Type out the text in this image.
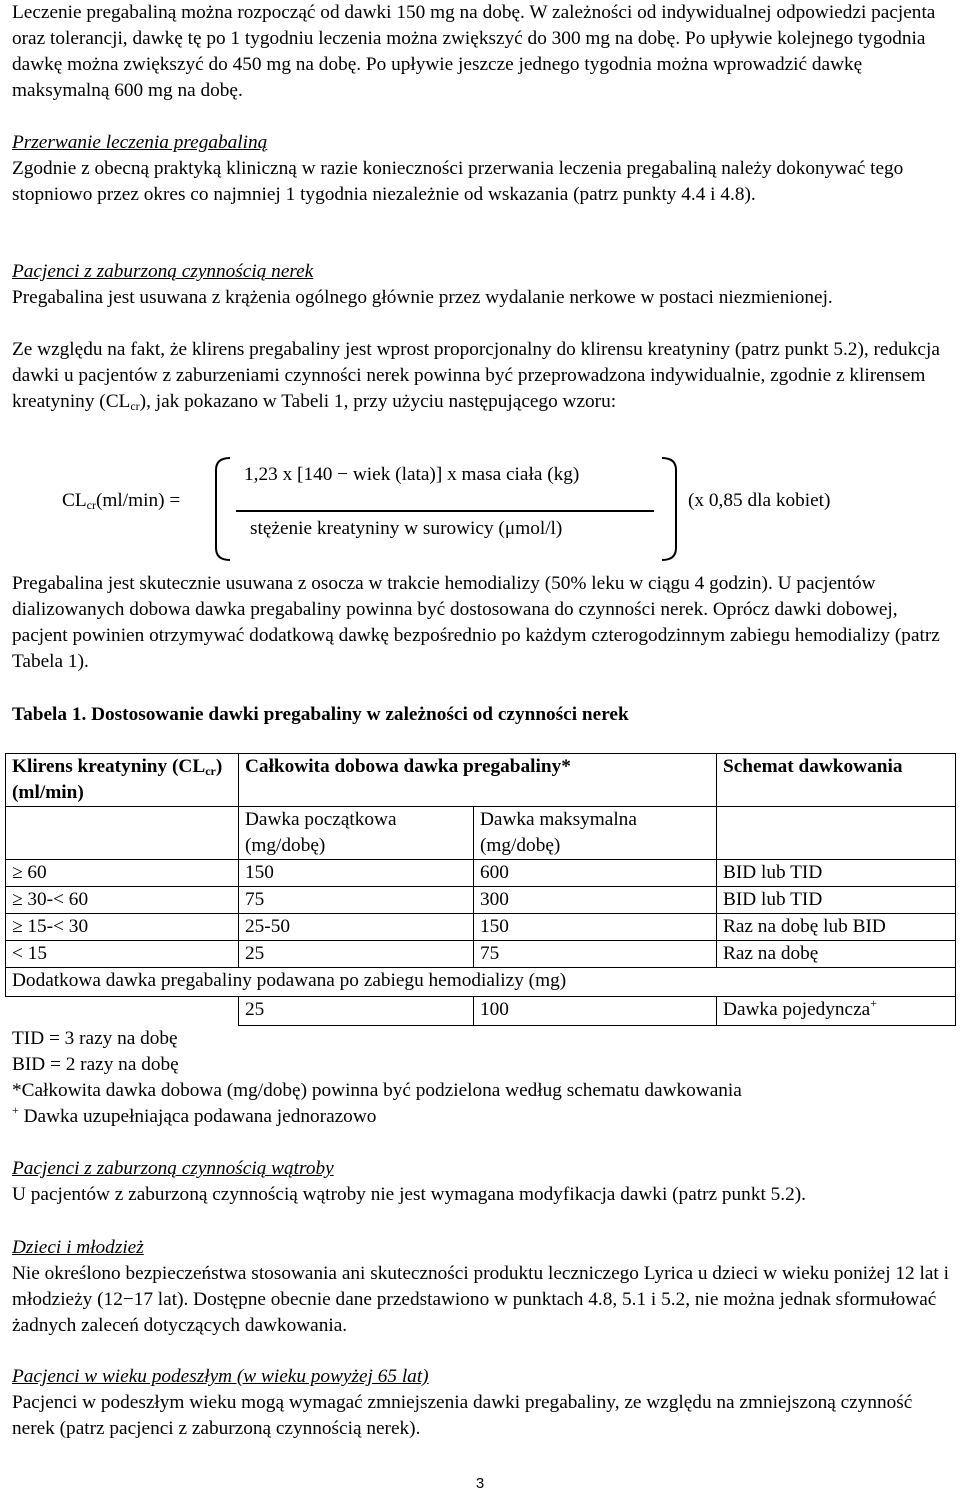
Leczenie pregabaliną można rozpocząć od dawki 150 mg na dobę. W zależności od indywidualnej odpowiedzi pacjenta oraz tolerancji, dawkę tę po 1 tygodniu leczenia można zwiększyć do 300 mg na dobę. Po upływie kolejnego tygodnia dawkę można zwiększyć do 450 mg na dobę. Po upływie jeszcze jednego tygodnia można wprowadzić dawkę maksymalną 600 mg na dobę.

Przerwanie leczenia pregabaliną

Zgodnie z obecną praktyką kliniczną w razie konieczności przerwania leczenia pregabaliną należy dokonywać tego stopniowo przez okres co najmniej 1 tygodnia niezależnie od wskazania (patrz punkty 4.4 i 4.8).

Pacjenci z zaburzoną czynnością nerek

Pregabalina jest usuwana z krążenia ogólnego głównie przez wydalanie nerkowe w postaci niezmienionej.

Ze względu na fakt, że klirens pregabaliny jest wprost proporcjonalny do klirensu kreatyniny (patrz punkt 5.2), redukcja dawki u pacjentów z zaburzeniami czynności nerek powinna być przeprowadzona indywidualnie, zgodnie z klirensem kreatyniny $(CL_{cr})$, jak pokazano w Tabeli 1, przy użyciu następującego wzoru:

$CL_{cr}(ml/\min)$ =
1,23 x [140 − wiek (lata)] x masa ciała (kg)
stężenie kreatyniny w surowicy (μmol/l)
(x 0,85 dla kobiet)

Pregabalina jest skutecznie usuwana z osocza w trakcie hemodializy (50% leku w ciągu 4 godzin). U pacjentów dializowanych dobowa dawka pregabaliny powinna być dostosowana do czynności nerek. Oprócz dawki dobowej, pacjent powinien otrzymywać dodatkową dawkę bezpośrednio po każdym czterogodzinnym zabiegu hemodializy (patrz Tabela 1).

Tabela 1. Dostosowanie dawki pregabaliny w zależności od czynności nerek
Klirens kreatyniny $(CL_{cr})$ (ml/min)	Całkowita dobowa dawka pregabaliny*		Schemat dawkowania
	Dawka początkowa (mg/dobę)	Dawka maksymalna (mg/dobę)	
≥ 60	150	600	BID lub TID
≥ 30-< 60	75	300	BID lub TID
≥ 15-< 30	25-50	150	Raz na dobę lub BID
< 15	25	75	Raz na dobę
Dodatkowa dawka pregabaliny podawana po zabiegu hemodializy (mg)			
	25	100	Dawka pojedyncza+
TID = 3 razy na dobę
BID = 2 razy na dobę
*Całkowita dawka dobowa (mg/dobę) powinna być podzielona według schematu dawkowania
+ Dawka uzupełniająca podawana jednorazowo
Pacjenci z zaburzoną czynnością wątroby

U pacjentów z zaburzoną czynnością wątroby nie jest wymagana modyfikacja dawki (patrz punkt 5.2).

Dzieci i młodzież

Nie określono bezpieczeństwa stosowania ani skuteczności produktu leczniczego Lyrica u dzieci w wieku poniżej 12 lat i młodzieży (12−17 lat). Dostępne obecnie dane przedstawiono w punktach 4.8, 5.1 i 5.2, nie można jednak sformułować żadnych zaleceń dotyczących dawkowania.

Pacjenci w wieku podeszłym (w wieku powyżej 65 lat)

Pacjenci w podeszłym wieku mogą wymagać zmniejszenia dawki pregabaliny, ze względu na zmniejszoną czynność nerek (patrz pacjenci z zaburzoną czynnością nerek).

3
